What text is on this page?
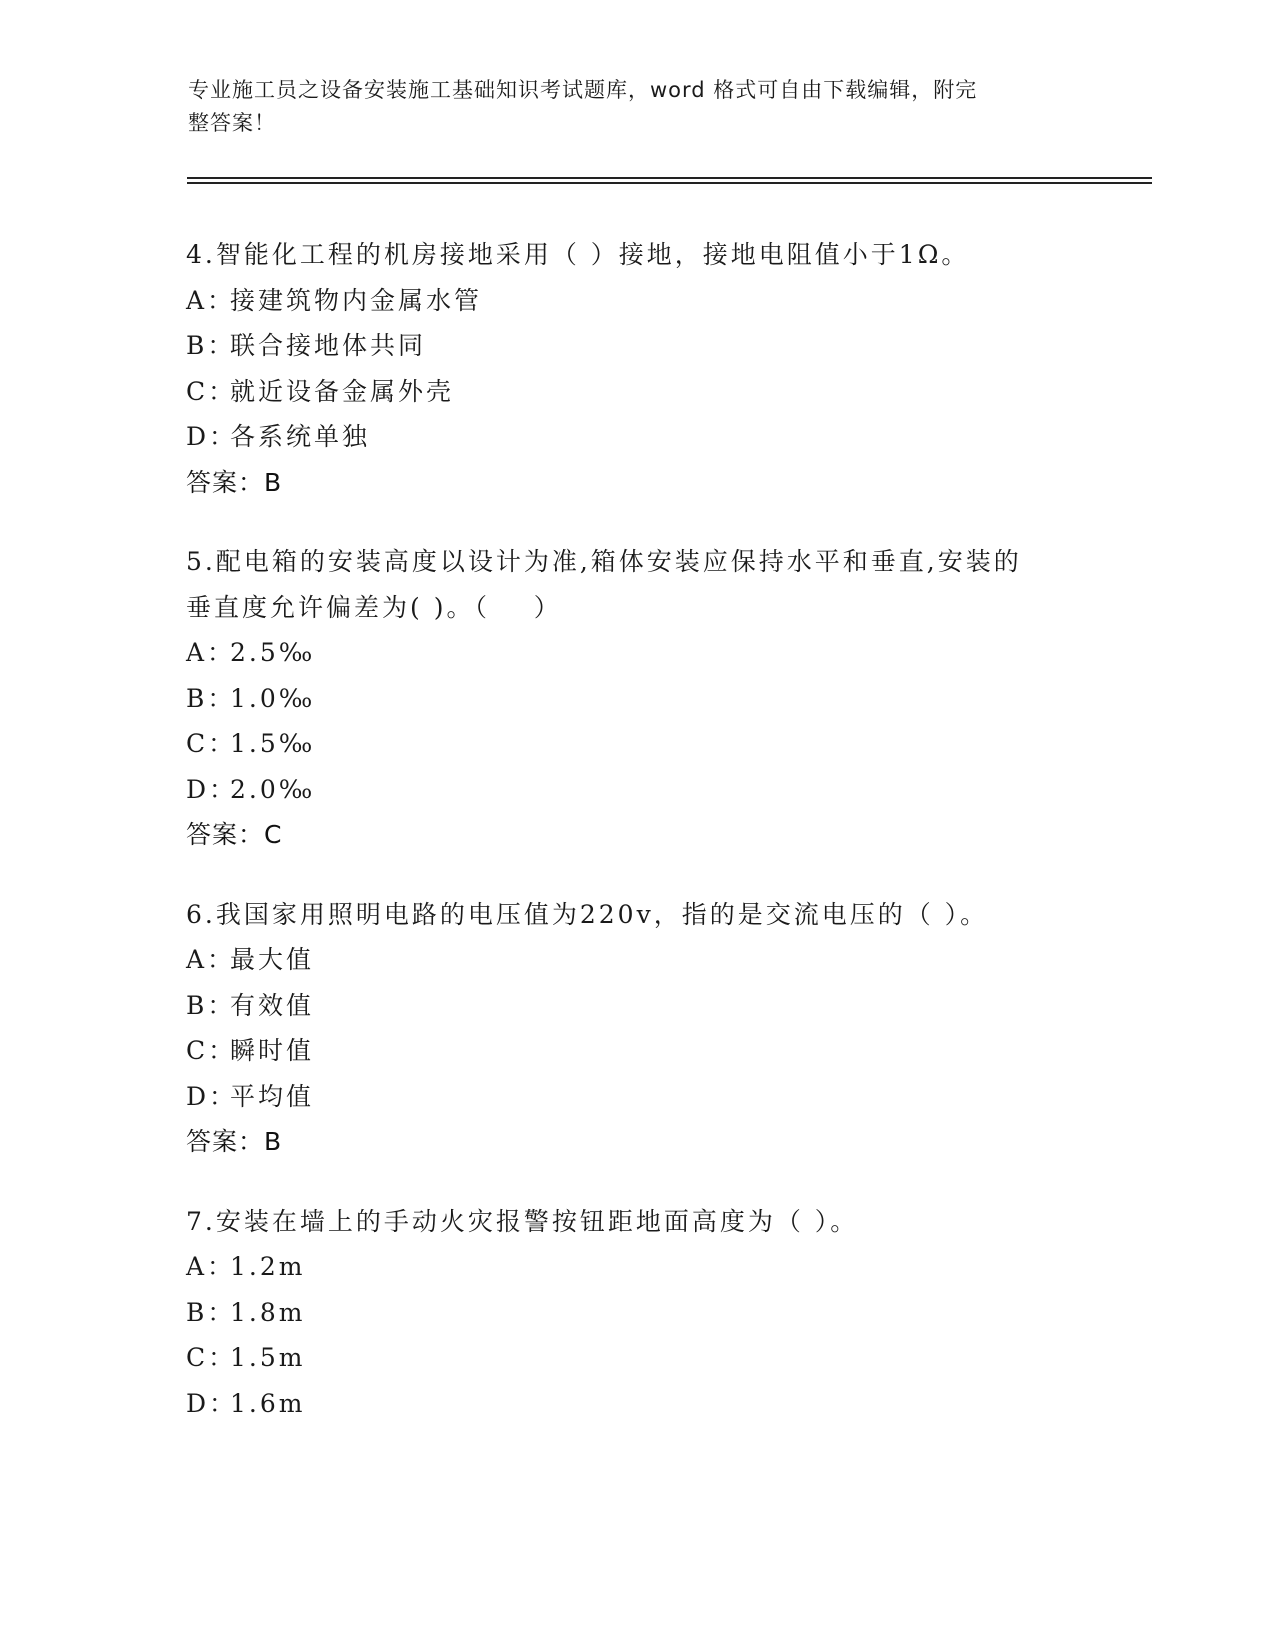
专业施工员之设备安装施工基础知识考试题库，word 格式可自由下载编辑，附完
整答案！
4.智能化工程的机房接地采用（ ）接地，接地电阻值小于1Ω。
A：接建筑物内金属水管
B：联合接地体共同
C：就近设备金属外壳
D：各系统单独
答案：B
5.配电箱的安装高度以设计为准,箱体安装应保持水平和垂直,安装的
垂直度允许偏差为( )。（    ）
A：2.5‰
B：1.0‰
C：1.5‰
D：2.0‰
答案：C
6.我国家用照明电路的电压值为220v，指的是交流电压的（ ）。
A：最大值
B：有效值
C：瞬时值
D：平均值
答案：B
7.安装在墙上的手动火灾报警按钮距地面高度为（ ）。
A：1.2m
B：1.8m
C：1.5m
D：1.6m
